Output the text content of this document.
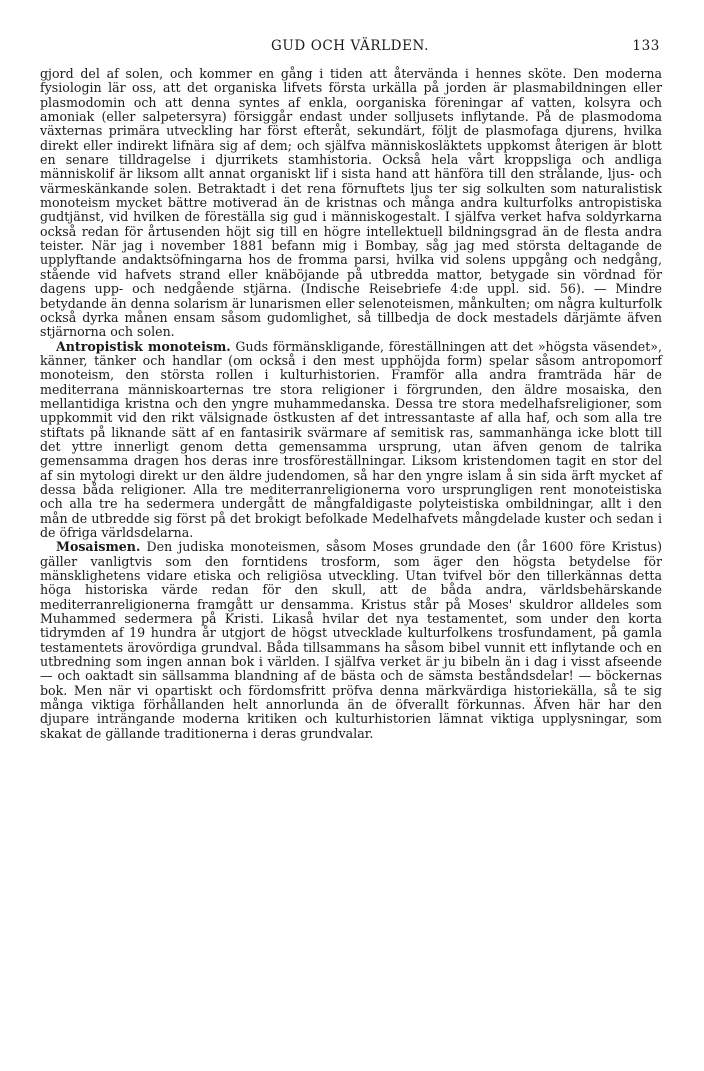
GUD OCH VÄRLDEN.	133

gjord del af solen, och kommer en gång i tiden att återvända i hennes sköte. Den moderna fysiologin lär oss, att det organiska lifvets första urkälla på jorden är plasmabildningen eller plasmodomin och att denna syntes af enkla, oorganiska föreningar af vatten, kolsyra och amoniak (eller salpetersyra) försiggår endast under solljusets inflytande. På de plasmodoma växternas primära utveckling har först efteråt, sekundärt, följt de plasmofaga djurens, hvilka direkt eller indirekt lifnära sig af dem; och själfva människosläktets uppkomst återigen är blott en senare tilldragelse i djurrikets stamhistoria. Också hela vårt kroppsliga och andliga människolif är liksom allt annat organiskt lif i sista hand att hänföra till den strålande, ljus- och värmeskänkande solen. Betraktadt i det rena förnuftets ljus ter sig solkulten som naturalistisk monoteism mycket bättre motiverad än de kristnas och många andra kulturfolks antropistiska gudtjänst, vid hvilken de föreställa sig gud i människogestalt. I själfva verket hafva soldyrkarna också redan för årtusenden höjt sig till en högre intellektuell bildningsgrad än de flesta andra teister. När jag i november 1881 befann mig i Bombay, såg jag med största deltagande de upplyftande andaktsöfningarna hos de fromma parsi, hvilka vid solens uppgång och nedgång, stående vid hafvets strand eller knäböjande på utbredda mattor, betygade sin vördnad för dagens upp- och nedgående stjärna. (Indische Reisebriefe 4:de uppl. sid. 56). — Mindre betydande än denna solarism är lunarismen eller selenoteismen, månkulten; om några kulturfolk också dyrka månen ensam såsom gudomlighet, så tillbedja de dock mestadels därjämte äfven stjärnorna och solen.

Antropistisk monoteism. Guds förmänskligande, föreställningen att det »högsta väsendet», känner, tänker och handlar (om också i den mest upphöjda form) spelar såsom antropomorf monoteism, den största rollen i kulturhistorien. Framför alla andra framträda här de mediterrana människoarternas tre stora religioner i förgrunden, den äldre mosaiska, den mellantidiga kristna och den yngre muhammedanska. Dessa tre stora medelhafsreligioner, som uppkommit vid den rikt välsignade östkusten af det intressantaste af alla haf, och som alla tre stiftats på liknande sätt af en fantasirik svärmare af semitisk ras, sammanhänga icke blott till det yttre innerligt genom detta gemensamma ursprung, utan äfven genom de talrika gemensamma dragen hos deras inre trosföreställningar. Liksom kristendomen tagit en stor del af sin mytologi direkt ur den äldre judendomen, så har den yngre islam å sin sida ärft mycket af dessa båda religioner. Alla tre mediterranreligionerna voro ursprungligen rent monoteistiska och alla tre ha sedermera undergått de mångfaldigaste polyteistiska ombildningar, allt i den mån de utbredde sig först på det brokigt befolkade Medelhafvets mångdelade kuster och sedan i de öfriga världsdelarna.

Mosaismen. Den judiska monoteismen, såsom Moses grundade den (år 1600 före Kristus) gäller vanligtvis som den forntidens trosform, som äger den högsta betydelse för mänsklighetens vidare etiska och religiösa utveckling. Utan tvifvel bör den tillerkännas detta höga historiska värde redan för den skull, att de båda andra, världsbehärskande mediterranreligionerna framgått ur densamma. Kristus står på Moses' skuldror alldeles som Muhammed sedermera på Kristi. Likaså hvilar det nya testamentet, som under den korta tidrymden af 19 hundra år utgjort de högst utvecklade kulturfolkens trosfundament, på gamla testamentets ärovördiga grundval. Båda tillsammans ha såsom bibel vunnit ett inflytande och en utbredning som ingen annan bok i världen. I själfva verket är ju bibeln än i dag i visst afseende — och oaktadt sin sällsamma blandning af de bästa och de sämsta beståndsdelar! — böckernas bok. Men när vi opartiskt och fördomsfritt pröfva denna märkvärdiga historiekälla, så te sig många viktiga förhållanden helt annorlunda än de öfverallt förkunnas. Äfven här har den djupare inträngande moderna kritiken och kulturhistorien lämnat viktiga upplysningar, som skakat de gällande traditionerna i deras grundvalar.
